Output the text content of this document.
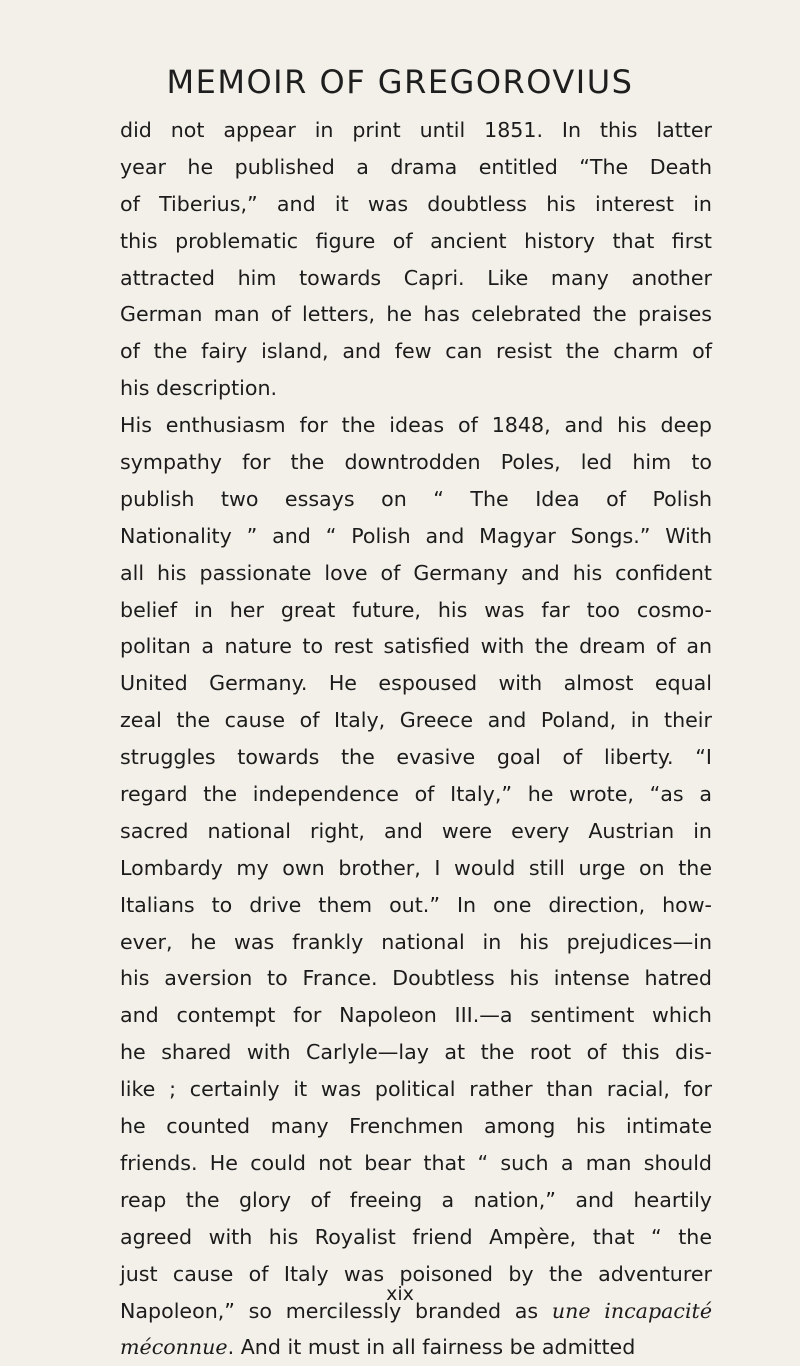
MEMOIR OF GREGOROVIUS
did not appear in print until 1851. In this latter
year he published a drama entitled “The Death
of Tiberius,” and it was doubtless his interest in
this problematic figure of ancient history that first
attracted him towards Capri. Like many another
German man of letters, he has celebrated the praises
of the fairy island, and few can resist the charm of
his description.
His enthusiasm for the ideas of 1848, and his deep
sympathy for the downtrodden Poles, led him to
publish two essays on “ The Idea of Polish
Nationality ” and “ Polish and Magyar Songs.” With
all his passionate love of Germany and his confident
belief in her great future, his was far too cosmo-
politan a nature to rest satisfied with the dream of an
United Germany. He espoused with almost equal
zeal the cause of Italy, Greece and Poland, in their
struggles towards the evasive goal of liberty. “I
regard the independence of Italy,” he wrote, “as a
sacred national right, and were every Austrian in
Lombardy my own brother, I would still urge on the
Italians to drive them out.” In one direction, how-
ever, he was frankly national in his prejudices—in
his aversion to France. Doubtless his intense hatred
and contempt for Napoleon III.—a sentiment which
he shared with Carlyle—lay at the root of this dis-
like ; certainly it was political rather than racial, for
he counted many Frenchmen among his intimate
friends. He could not bear that “ such a man should
reap the glory of freeing a nation,” and heartily
agreed with his Royalist friend Ampère, that “ the
just cause of Italy was poisoned by the adventurer
Napoleon,” so mercilessly branded as une incapacité
méconnue. And it must in all fairness be admitted
xix
